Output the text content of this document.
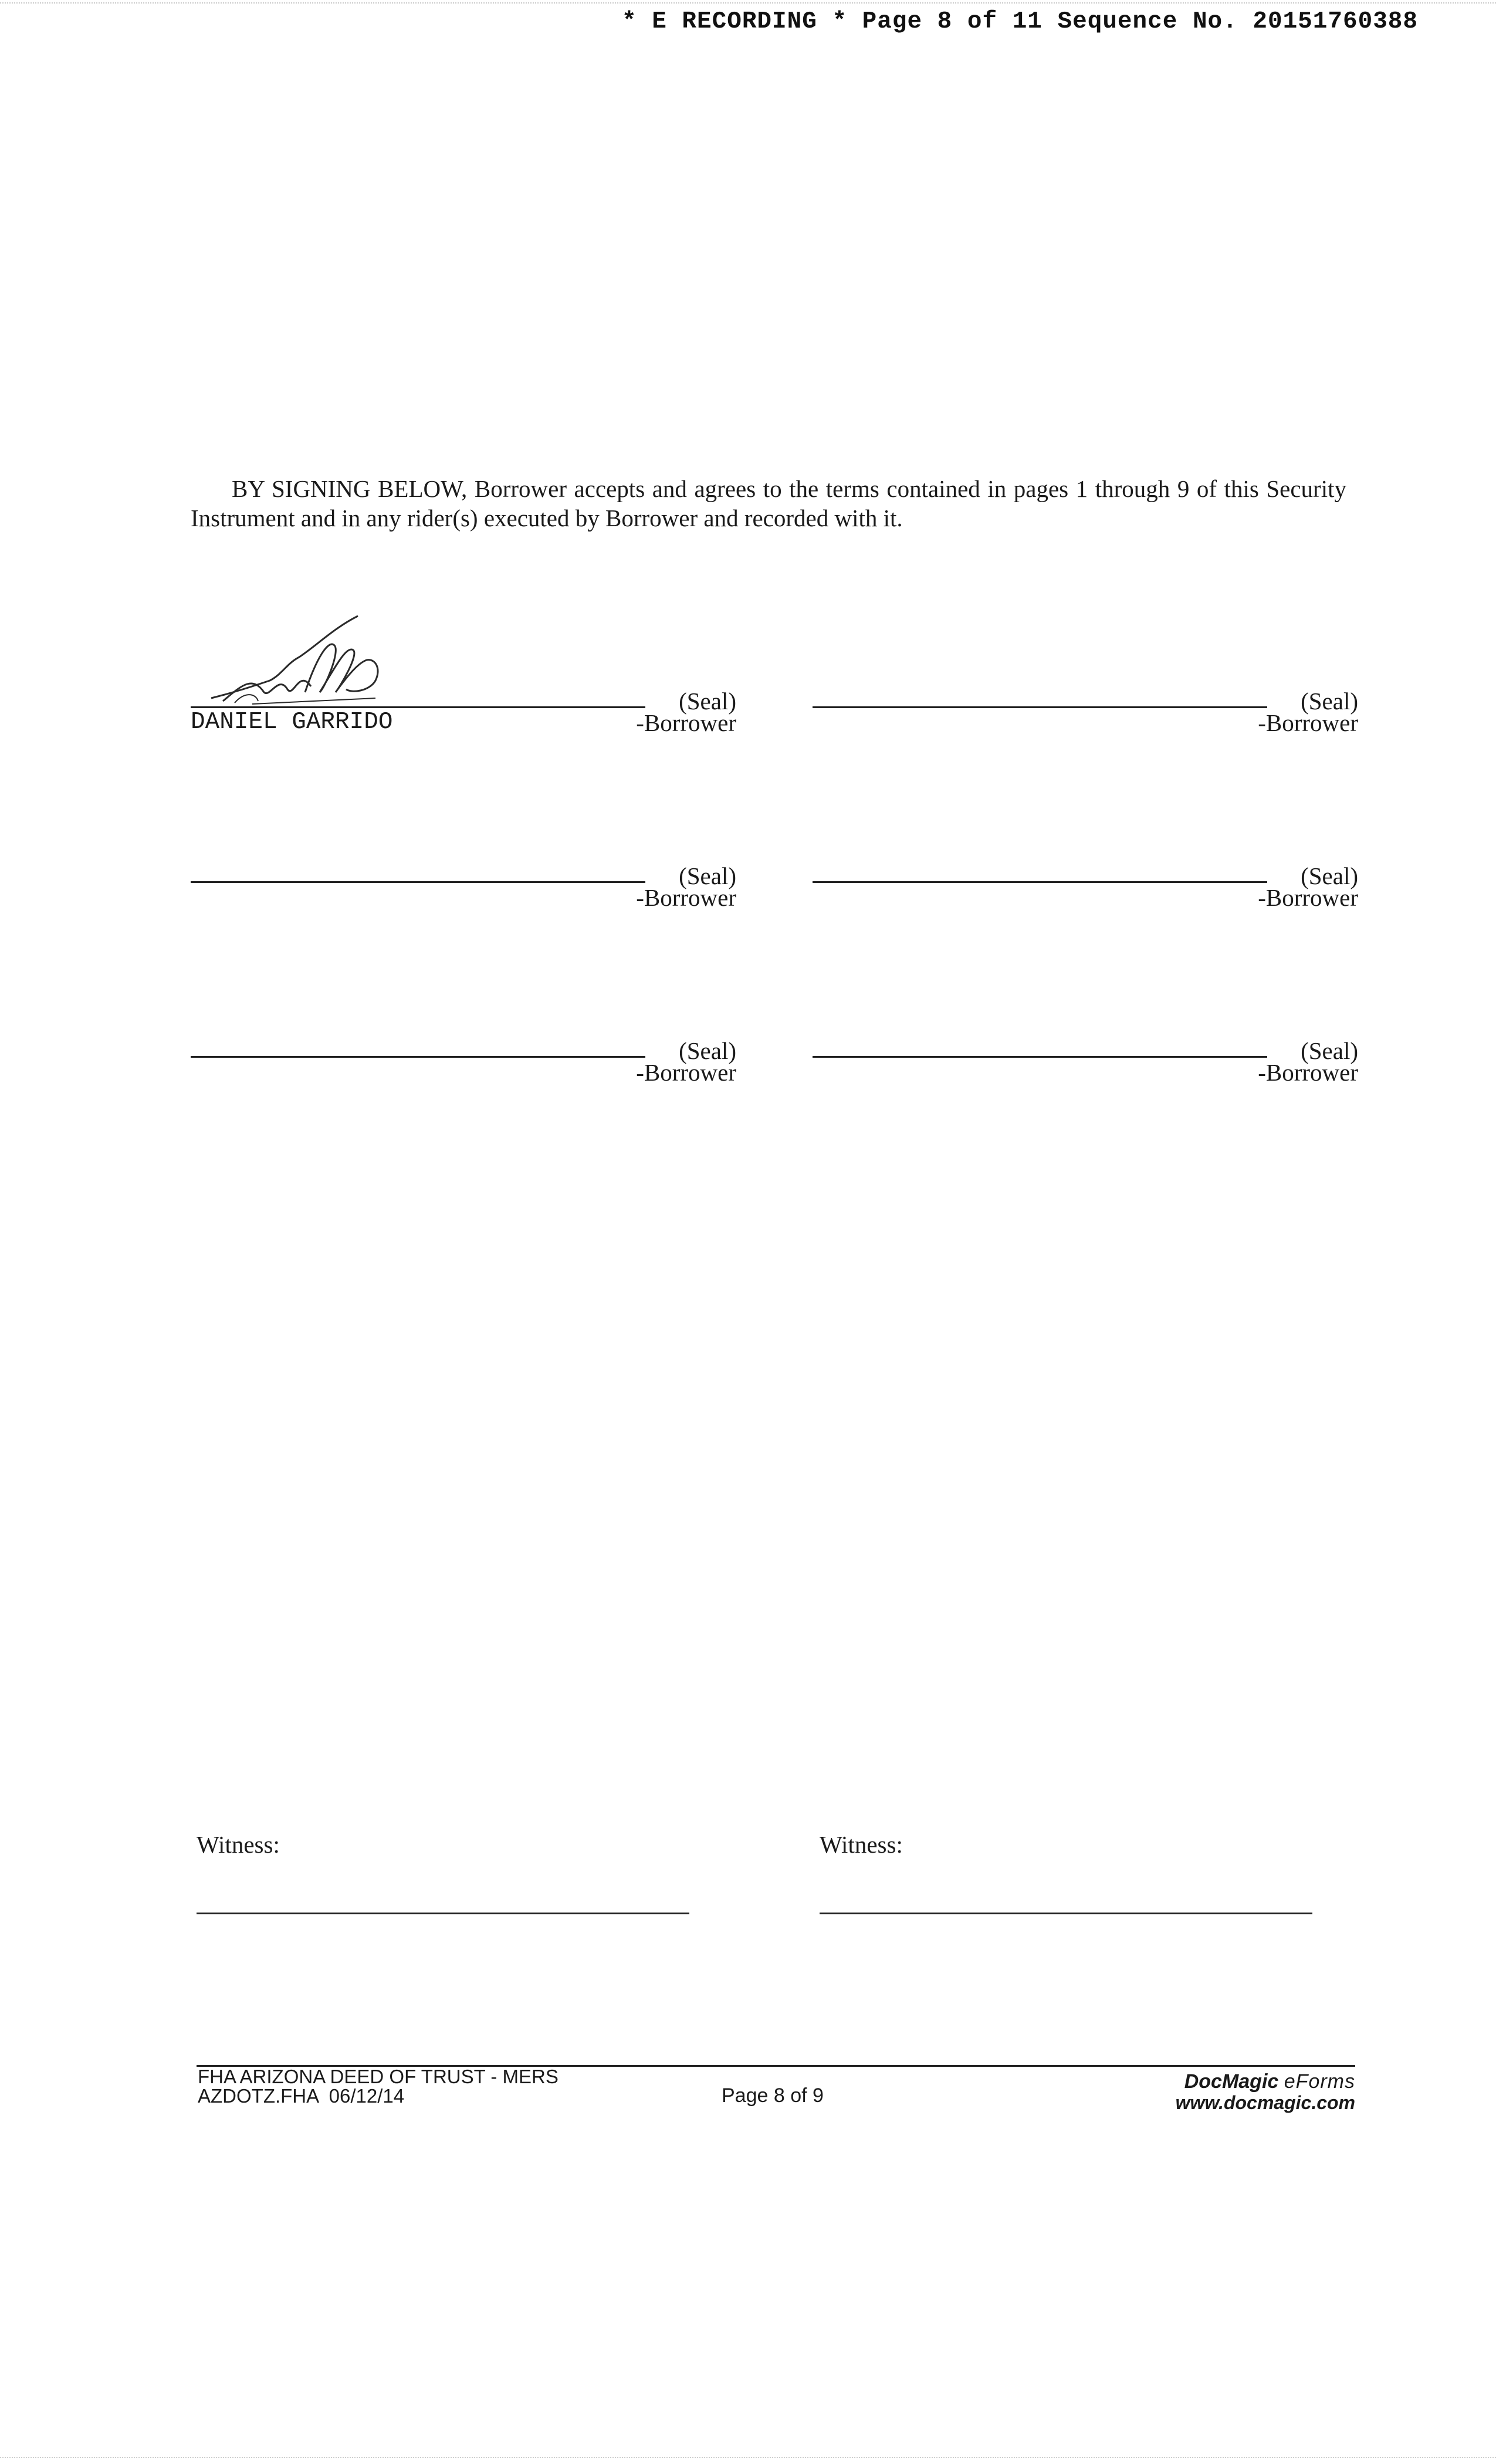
* E RECORDING * Page 8 of 11 Sequence No. 20151760388

BY SIGNING BELOW, Borrower accepts and agrees to the terms contained in pages 1 through 9 of this Security Instrument and in any rider(s) executed by Borrower and recorded with it.

(Seal)
DANIEL GARRIDO	-Borrower
(Seal)
-Borrower
(Seal)
-Borrower
(Seal)
-Borrower
(Seal)
-Borrower
(Seal)
-Borrower
Witness:	Witness:
FHA ARIZONA DEED OF TRUST - MERS
AZDOTZ.FHA  06/12/14	Page 8 of 9
DocMagic eForms
www.docmagic.com
